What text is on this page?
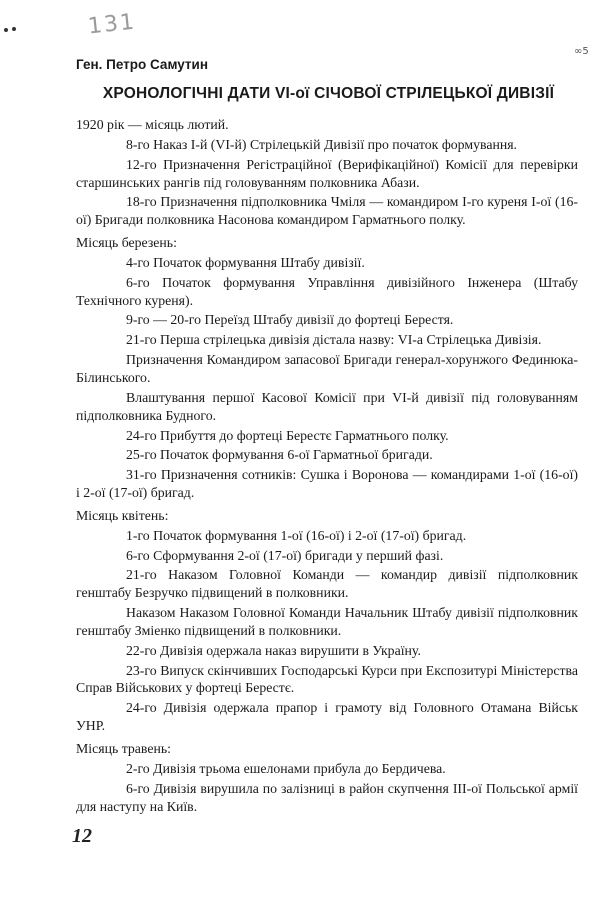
131
∞5
Ген. Петро Самутин
ХРОНОЛОГІЧНІ ДАТИ VI-ої СІЧОВОЇ СТРІЛЕЦЬКОЇ ДИВІЗІЇ

1920 рік — місяць лютий.

8-го Наказ І-й (VІ-й) Стрілецькій Дивізії про початок формування.

12-го Призначення Регістраційної (Верифікаційної) Комісії для перевірки старшинських рангів під головуванням полковника Абази.

18-го Призначення підполковника Чміля — командиром І-го куреня І-ої (16-ої) Бригади полковника Насонова командиром Гарматнього полку.

Місяць березень:

4-го Початок формування Штабу дивізії.

6-го Початок формування Управління дивізійного Інженера (Штабу Технічного куреня).

9-го — 20-го Переїзд Штабу дивізії до фортеці Берестя.

21-го Перша стрілецька дивізія дістала назву: VІ-а Стрілецька Дивізія.

Призначення Командиром запасової Бригади генерал-хорунжого Фединюка-Білинського.

Влаштування першої Касової Комісії при VІ-й дивізії під головуванням підполковника Будного.

24-го Прибуття до фортеці Берестє Гарматнього полку.

25-го Початок формування 6-ої Гарматньої бригади.

31-го Призначення сотників: Сушка і Воронова — командирами 1-ої (16-ої) і 2-ої (17-ої) бригад.

Місяць квітень:

1-го Початок формування 1-ої (16-ої) і 2-ої (17-ої) бригад.

6-го Сформування 2-ої (17-ої) бригади у перший фазі.

21-го Наказом Головної Команди — командир дивізії підполковник генштабу Безручко підвищений в полковники.

Наказом Наказом Головної Команди Начальник Штабу дивізії підполковник генштабу Зміенко підвищений в полковники.

22-го Дивізія одержала наказ вирушити в Україну.

23-го Випуск скінчивших Господарські Курси при Експозитурі Міністерства Справ Військових у фортеці Берестє.

24-го Дивізія одержала прапор і грамоту від Головного Отамана Військ УНР.

Місяць травень:

2-го Дивізія трьома ешелонами прибула до Бердичева.

6-го Дивізія вирушила по залізниці в район скупчення ІІІ-ої Польської армії для наступу на Київ.

12
